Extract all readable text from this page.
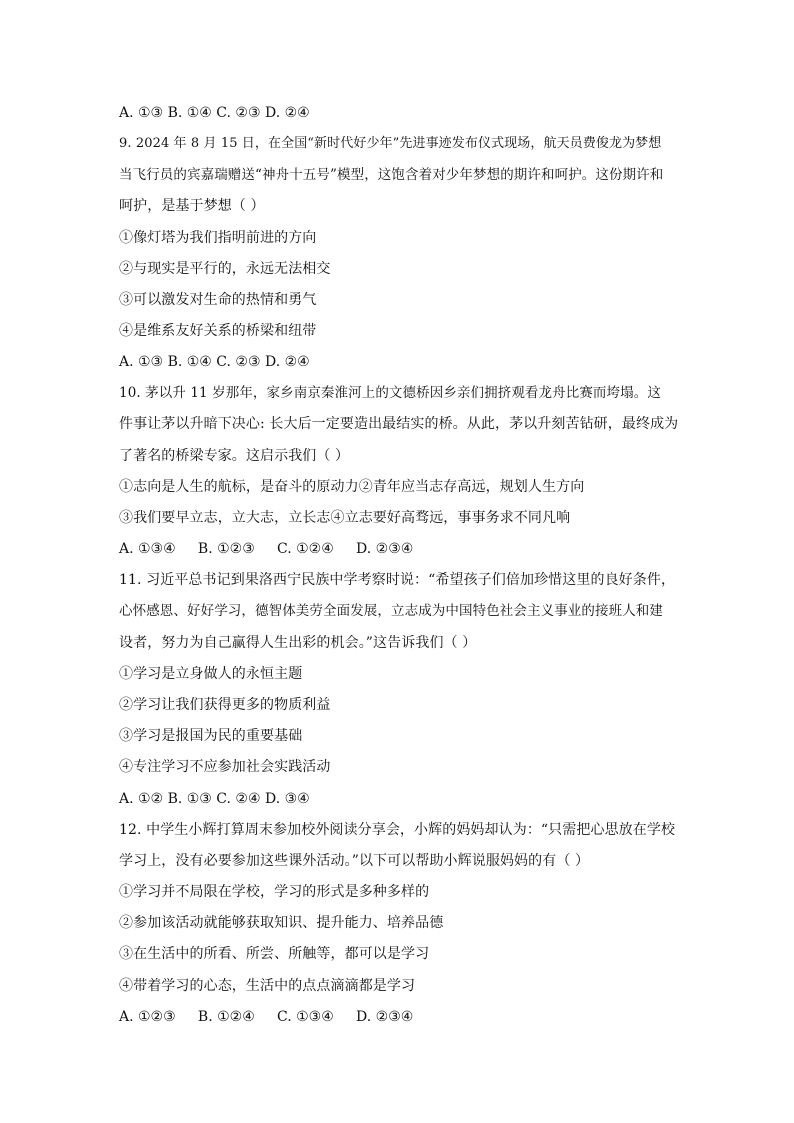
A. ①③ B. ①④ C. ②③ D. ②④
9. 2024 年 8 月 15 日，在全国“新时代好少年”先进事迹发布仪式现场，航天员费俊龙为梦想
当飞行员的宾嘉瑞赠送“神舟十五号”模型，这饱含着对少年梦想的期许和呵护。这份期许和
呵护，是基于梦想（ ）
①像灯塔为我们指明前进的方向
②与现实是平行的，永远无法相交
③可以激发对生命的热情和勇气
④是维系友好关系的桥梁和纽带
A. ①③ B. ①④ C. ②③ D. ②④
10. 茅以升 11 岁那年，家乡南京秦淮河上的文德桥因乡亲们拥挤观看龙舟比赛而垮塌。这
件事让茅以升暗下决心: 长大后一定要造出最结实的桥。从此，茅以升刻苦钻研，最终成为
了著名的桥梁专家。这启示我们（ ）
①志向是人生的航标，是奋斗的原动力②青年应当志存高远，规划人生方向
③我们要早立志，立大志，立长志④立志要好高骛远，事事务求不同凡响
A. ①③④     B. ①②③     C. ①②④     D. ②③④
11. 习近平总书记到果洛西宁民族中学考察时说：“希望孩子们倍加珍惜这里的良好条件，
心怀感恩、好好学习，德智体美劳全面发展，立志成为中国特色社会主义事业的接班人和建
设者，努力为自己赢得人生出彩的机会。”这告诉我们（ ）
①学习是立身做人的永恒主题
②学习让我们获得更多的物质利益
③学习是报国为民的重要基础
④专注学习不应参加社会实践活动
A. ①② B. ①③ C. ②④ D. ③④
12. 中学生小辉打算周末参加校外阅读分享会，小辉的妈妈却认为：“只需把心思放在学校
学习上，没有必要参加这些课外活动。”以下可以帮助小辉说服妈妈的有（ ）
①学习并不局限在学校，学习的形式是多种多样的
②参加该活动就能够获取知识、提升能力、培养品德
③在生活中的所看、所尝、所触等，都可以是学习
④带着学习的心态，生活中的点点滴滴都是学习
A. ①②③     B. ①②④     C. ①③④     D. ②③④
